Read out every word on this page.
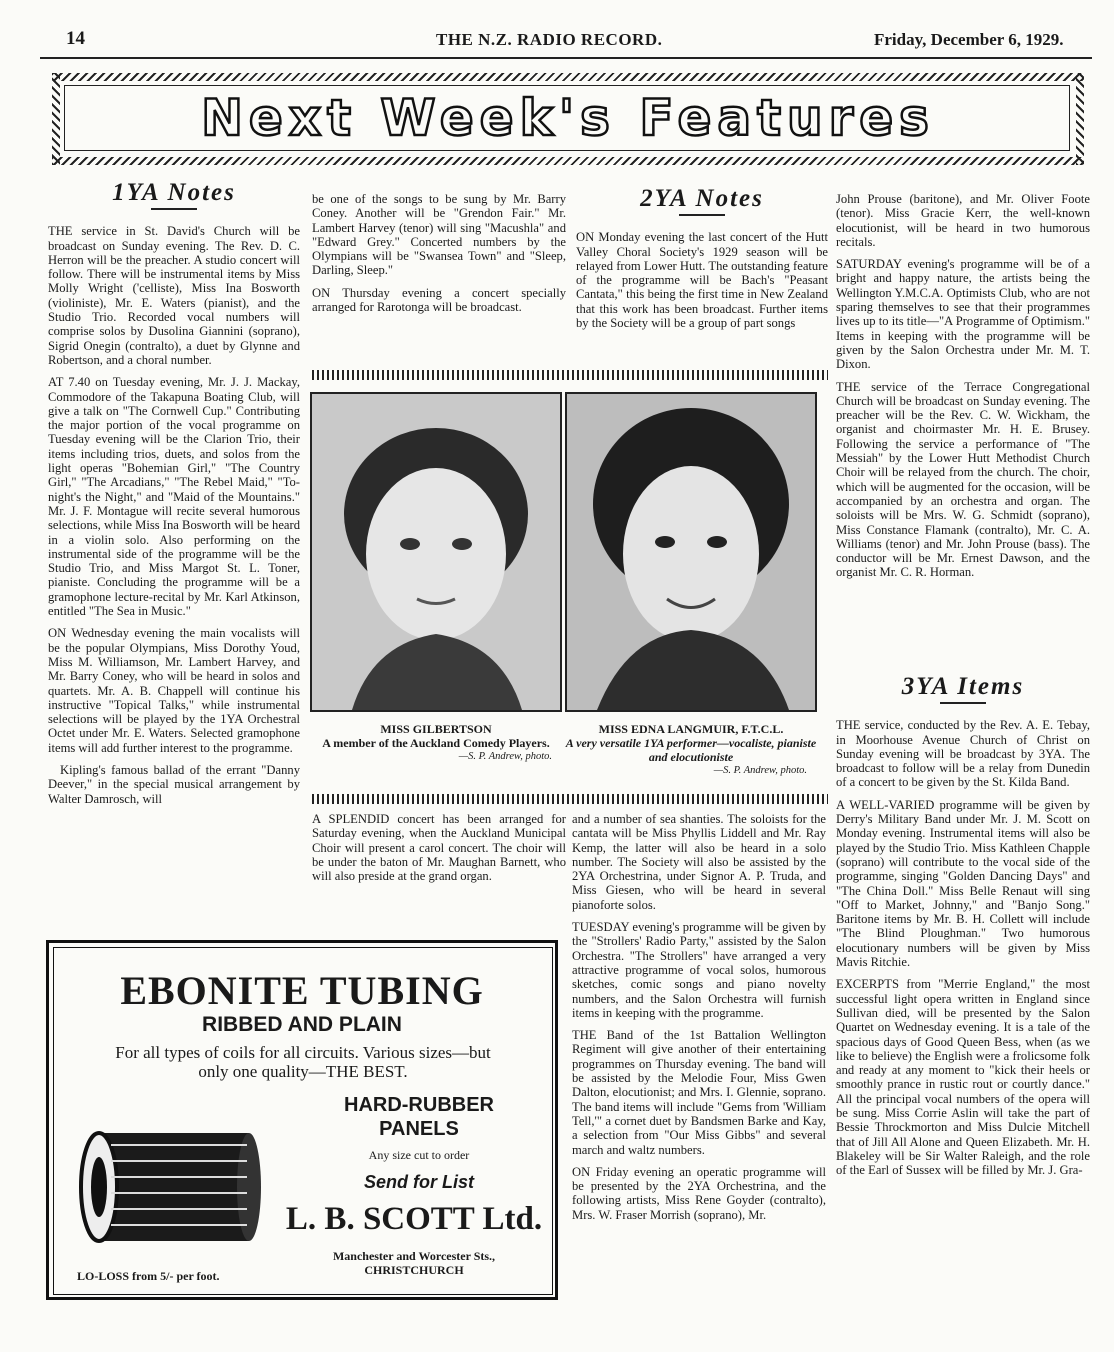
14	THE N.Z. RADIO RECORD.	Friday, December 6, 1929.
Next Week's Features
1YA Notes

THE service in St. David's Church will be broadcast on Sunday evening. The Rev. D. C. Herron will be the preacher. A studio concert will follow. There will be instrumental items by Miss Molly Wright ('celliste), Miss Ina Bosworth (violiniste), Mr. E. Waters (pianist), and the Studio Trio. Recorded vocal numbers will comprise solos by Dusolina Giannini (soprano), Sigrid Onegin (contralto), a duet by Glynne and Robertson, and a choral number.

AT 7.40 on Tuesday evening, Mr. J. J. Mackay, Commodore of the Takapuna Boating Club, will give a talk on "The Cornwell Cup." Contributing the major portion of the vocal programme on Tuesday evening will be the Clarion Trio, their items including trios, duets, and solos from the light operas "Bohemian Girl," "The Country Girl," "The Arcadians," "The Rebel Maid," "To-night's the Night," and "Maid of the Mountains." Mr. J. F. Montague will recite several humorous selections, while Miss Ina Bosworth will be heard in a violin solo. Also performing on the instrumental side of the programme will be the Studio Trio, and Miss Margot St. L. Toner, pianiste. Concluding the programme will be a gramophone lecture-recital by Mr. Karl Atkinson, entitled "The Sea in Music."

ON Wednesday evening the main vocalists will be the popular Olympians, Miss Dorothy Youd, Miss M. Williamson, Mr. Lambert Harvey, and Mr. Barry Coney, who will be heard in solos and quartets. Mr. A. B. Chappell will continue his instructive "Topical Talks," while instrumental selections will be played by the 1YA Orchestral Octet under Mr. E. Waters. Selected gramophone items will add further interest to the programme.

Kipling's famous ballad of the errant "Danny Deever," in the special musical arrangement by Walter Damrosch, will

be one of the songs to be sung by Mr. Barry Coney. Another will be "Grendon Fair." Mr. Lambert Harvey (tenor) will sing "Macushla" and "Edward Grey." Concerted numbers by the Olympians will be "Swansea Town" and "Sleep, Darling, Sleep."

ON Thursday evening a concert specially arranged for Rarotonga will be broadcast.

2YA Notes

ON Monday evening the last concert of the Hutt Valley Choral Society's 1929 season will be relayed from Lower Hutt. The outstanding feature of the programme will be Bach's "Peasant Cantata," this being the first time in New Zealand that this work has been broadcast. Further items by the Society will be a group of part songs

MISS GILBERTSON
A member of the Auckland Comedy Players.
—S. P. Andrew, photo.
MISS EDNA LANGMUIR, F.T.C.L.
A very versatile 1YA performer—vocaliste, pianiste and elocutioniste
—S. P. Andrew, photo.

A SPLENDID concert has been arranged for Saturday evening, when the Auckland Municipal Choir will present a carol concert. The choir will be under the baton of Mr. Maughan Barnett, who will also preside at the grand organ.

and a number of sea shanties. The soloists for the cantata will be Miss Phyllis Liddell and Mr. Ray Kemp, the latter will also be heard in a solo number. The Society will also be assisted by the 2YA Orchestrina, under Signor A. P. Truda, and Miss Giesen, who will be heard in several pianoforte solos.

TUESDAY evening's programme will be given by the "Strollers' Radio Party," assisted by the Salon Orchestra. "The Strollers" have arranged a very attractive programme of vocal solos, humorous sketches, comic songs and piano novelty numbers, and the Salon Orchestra will furnish items in keeping with the programme.

THE Band of the 1st Battalion Wellington Regiment will give another of their entertaining programmes on Thursday evening. The band will be assisted by the Melodie Four, Miss Gwen Dalton, elocutionist; and Mrs. I. Glennie, soprano. The band items will include "Gems from 'William Tell,'" a cornet duet by Bandsmen Barke and Kay, a selection from "Our Miss Gibbs" and several march and waltz numbers.

ON Friday evening an operatic programme will be presented by the 2YA Orchestrina, and the following artists, Miss Rene Goyder (contralto), Mrs. W. Fraser Morrish (soprano), Mr.

John Prouse (baritone), and Mr. Oliver Foote (tenor). Miss Gracie Kerr, the well-known elocutionist, will be heard in two humorous recitals.

SATURDAY evening's programme will be of a bright and happy nature, the artists being the Wellington Y.M.C.A. Optimists Club, who are not sparing themselves to see that their programmes lives up to its title—"A Programme of Optimism." Items in keeping with the programme will be given by the Salon Orchestra under Mr. M. T. Dixon.

THE service of the Terrace Congregational Church will be broadcast on Sunday evening. The preacher will be the Rev. C. W. Wickham, the organist and choirmaster Mr. H. E. Brusey. Following the service a performance of "The Messiah" by the Lower Hutt Methodist Church Choir will be relayed from the church. The choir, which will be augmented for the occasion, will be accompanied by an orchestra and organ. The soloists will be Mrs. W. G. Schmidt (soprano), Miss Constance Flamank (contralto), Mr. C. A. Williams (tenor) and Mr. John Prouse (bass). The conductor will be Mr. Ernest Dawson, and the organist Mr. C. R. Horman.

3YA Items

THE service, conducted by the Rev. A. E. Tebay, in Moorhouse Avenue Church of Christ on Sunday evening will be broadcast by 3YA. The broadcast to follow will be a relay from Dunedin of a concert to be given by the St. Kilda Band.

A WELL-VARIED programme will be given by Derry's Military Band under Mr. J. M. Scott on Monday evening. Instrumental items will also be played by the Studio Trio. Miss Kathleen Chapple (soprano) will contribute to the vocal side of the programme, singing "Golden Dancing Days" and "The China Doll." Miss Belle Renaut will sing "Off to Market, Johnny," and "Banjo Song." Baritone items by Mr. B. H. Collett will include "The Blind Ploughman." Two humorous elocutionary numbers will be given by Miss Mavis Ritchie.

EXCERPTS from "Merrie England," the most successful light opera written in England since Sullivan died, will be presented by the Salon Quartet on Wednesday evening. It is a tale of the spacious days of Good Queen Bess, when (as we like to believe) the English were a frolicsome folk and ready at any moment to "kick their heels or smoothly prance in rustic rout or courtly dance." All the principal vocal numbers of the opera will be sung. Miss Corrie Aslin will take the part of Bessie Throckmorton and Miss Dulcie Mitchell that of Jill All Alone and Queen Elizabeth. Mr. H. Blakeley will be Sir Walter Raleigh, and the role of the Earl of Sussex will be filled by Mr. J. Gra-

EBONITE TUBING
RIBBED AND PLAIN
For all types of coils for all circuits. Various sizes—but only one quality—THE BEST.
HARD-RUBBER PANELS
Any size cut to order
Send for List
L. B. SCOTT Ltd.
Manchester and Worcester Sts.,
CHRISTCHURCH
LO-LOSS from 5/- per foot.
